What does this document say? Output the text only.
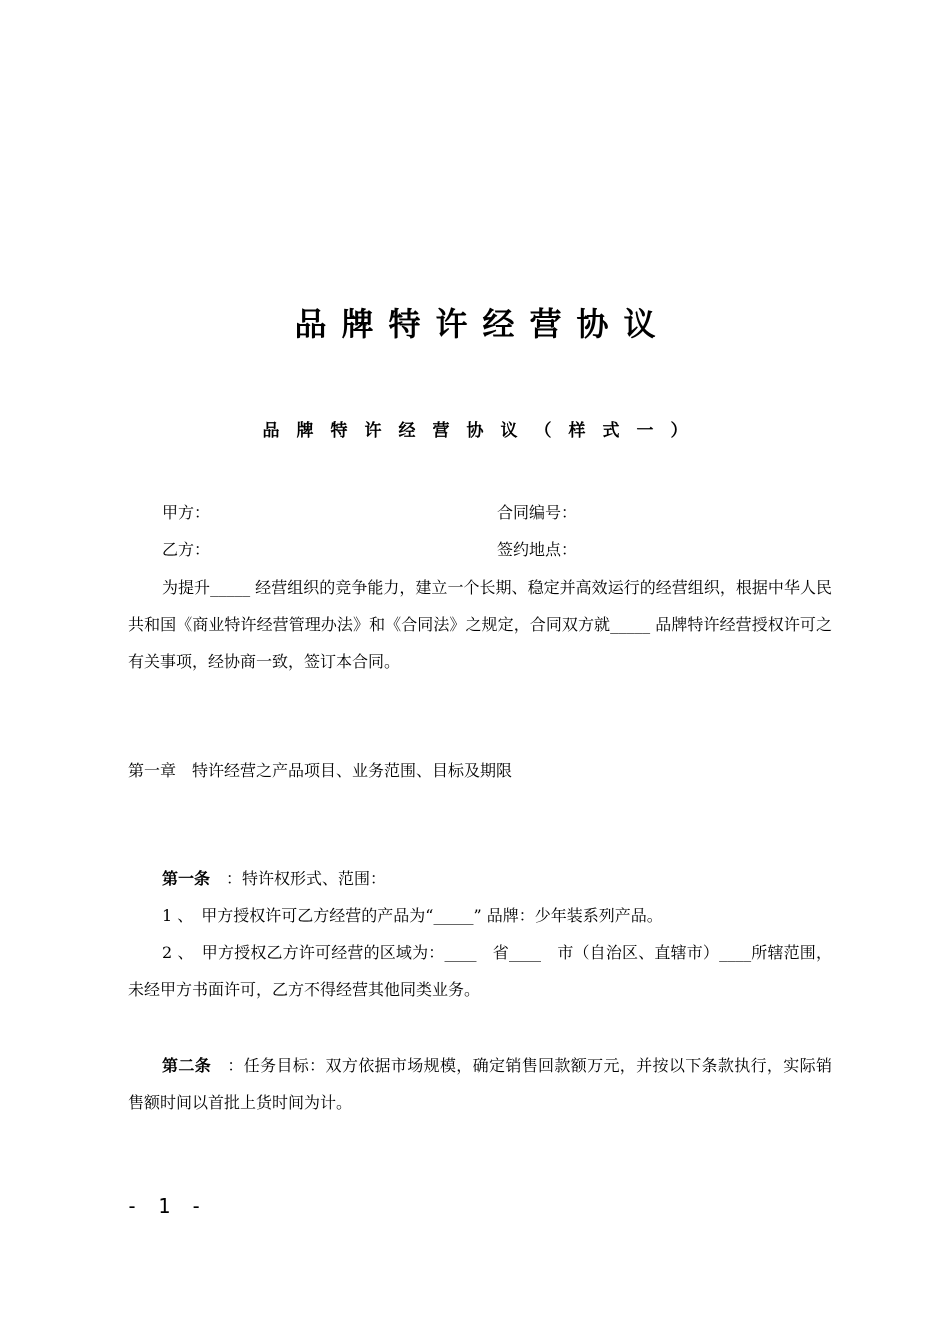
品牌特许经营协议
品牌特许经营协议（样式一）
甲方：	合同编号：
乙方：	签约地点：
为提升_____ 经营组织的竞争能力，建立一个长期、稳定并高效运行的经营组织，根据中华人民共和国《商业特许经营管理办法》和《合同法》之规定，合同双方就_____ 品牌特许经营授权许可之有关事项，经协商一致，签订本合同。
第一章　特许经营之产品项目、业务范围、目标及期限
第一条　：特许权形式、范围：
1 、　甲方授权许可乙方经营的产品为“_____” 品牌：少年装系列产品。
2 、　甲方授权乙方许可经营的区域为：____　省____　市（自治区、直辖市）____所辖范围，未经甲方书面许可，乙方不得经营其他同类业务。
第二条　：任务目标：双方依据市场规模，确定销售回款额万元，并按以下条款执行，实际销售额时间以首批上货时间为计。
- 1 -
